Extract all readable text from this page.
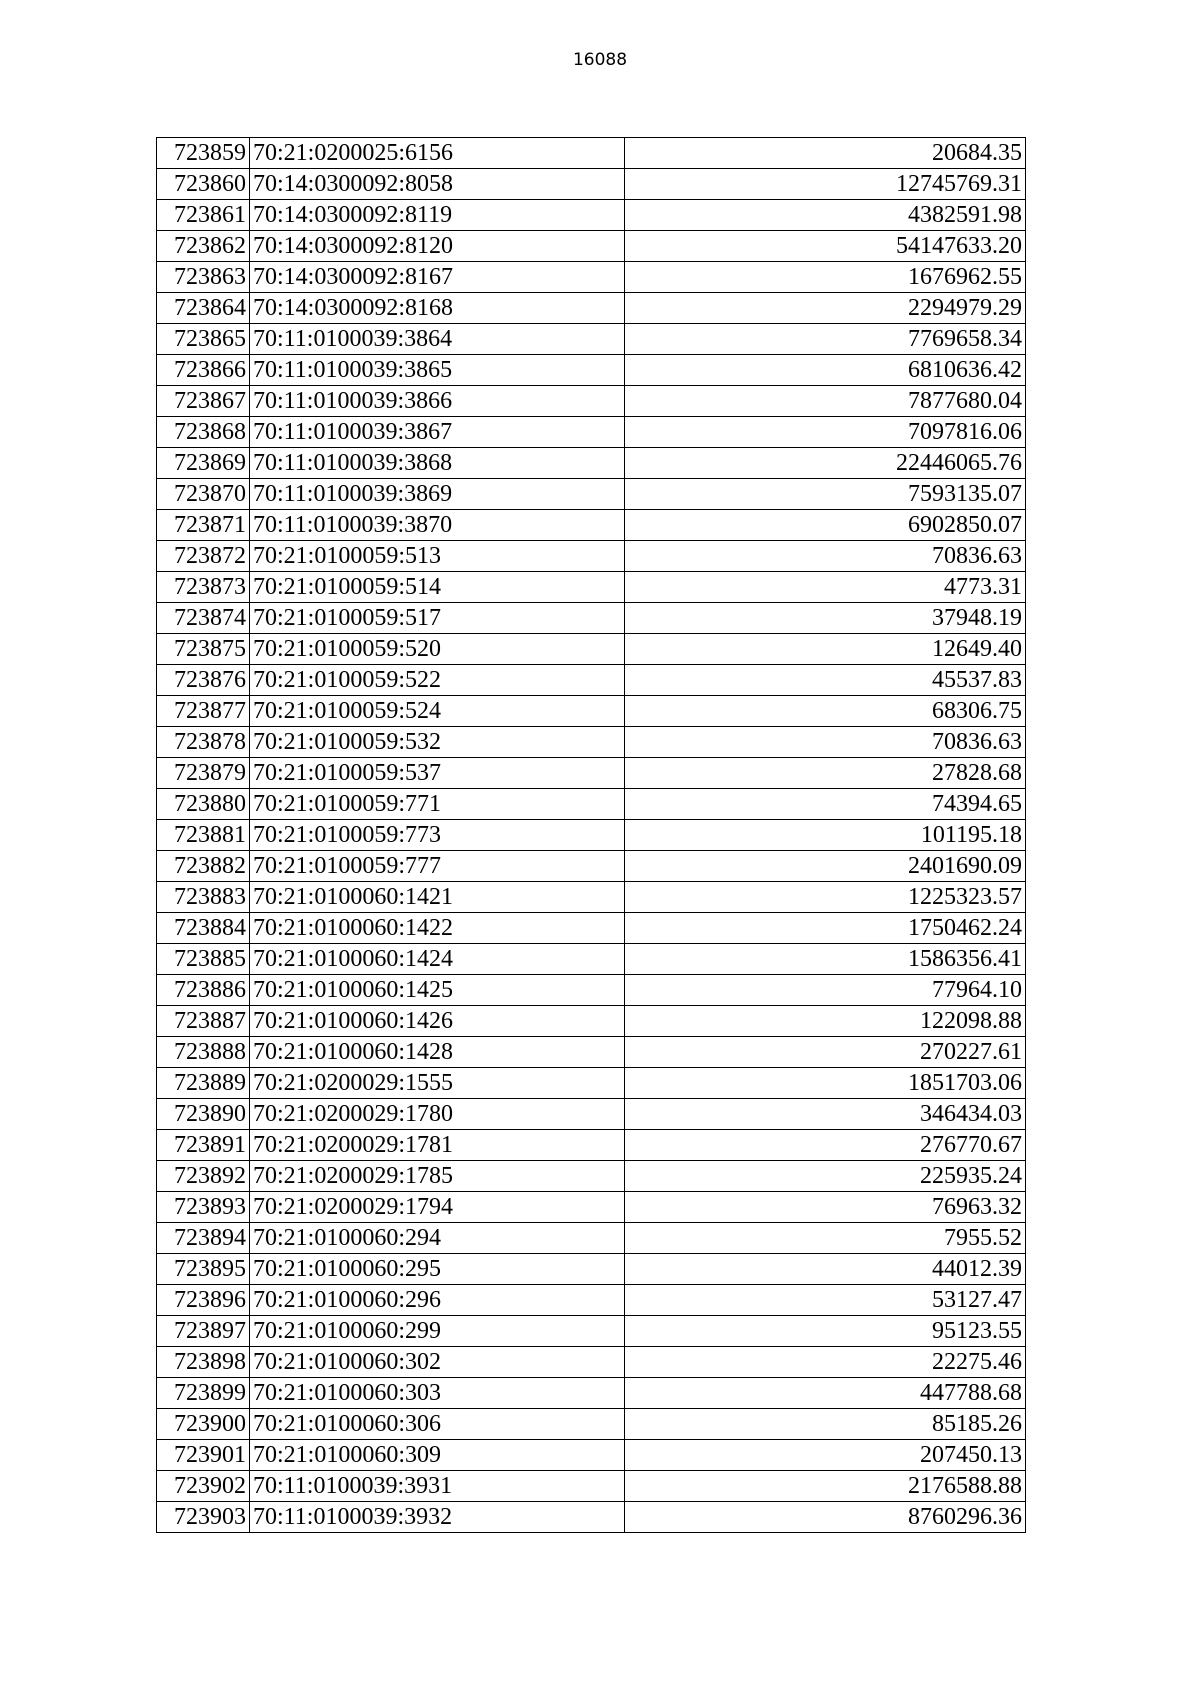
16088
723859	70:21:0200025:6156	20684.35
723860	70:14:0300092:8058	12745769.31
723861	70:14:0300092:8119	4382591.98
723862	70:14:0300092:8120	54147633.20
723863	70:14:0300092:8167	1676962.55
723864	70:14:0300092:8168	2294979.29
723865	70:11:0100039:3864	7769658.34
723866	70:11:0100039:3865	6810636.42
723867	70:11:0100039:3866	7877680.04
723868	70:11:0100039:3867	7097816.06
723869	70:11:0100039:3868	22446065.76
723870	70:11:0100039:3869	7593135.07
723871	70:11:0100039:3870	6902850.07
723872	70:21:0100059:513	70836.63
723873	70:21:0100059:514	4773.31
723874	70:21:0100059:517	37948.19
723875	70:21:0100059:520	12649.40
723876	70:21:0100059:522	45537.83
723877	70:21:0100059:524	68306.75
723878	70:21:0100059:532	70836.63
723879	70:21:0100059:537	27828.68
723880	70:21:0100059:771	74394.65
723881	70:21:0100059:773	101195.18
723882	70:21:0100059:777	2401690.09
723883	70:21:0100060:1421	1225323.57
723884	70:21:0100060:1422	1750462.24
723885	70:21:0100060:1424	1586356.41
723886	70:21:0100060:1425	77964.10
723887	70:21:0100060:1426	122098.88
723888	70:21:0100060:1428	270227.61
723889	70:21:0200029:1555	1851703.06
723890	70:21:0200029:1780	346434.03
723891	70:21:0200029:1781	276770.67
723892	70:21:0200029:1785	225935.24
723893	70:21:0200029:1794	76963.32
723894	70:21:0100060:294	7955.52
723895	70:21:0100060:295	44012.39
723896	70:21:0100060:296	53127.47
723897	70:21:0100060:299	95123.55
723898	70:21:0100060:302	22275.46
723899	70:21:0100060:303	447788.68
723900	70:21:0100060:306	85185.26
723901	70:21:0100060:309	207450.13
723902	70:11:0100039:3931	2176588.88
723903	70:11:0100039:3932	8760296.36
